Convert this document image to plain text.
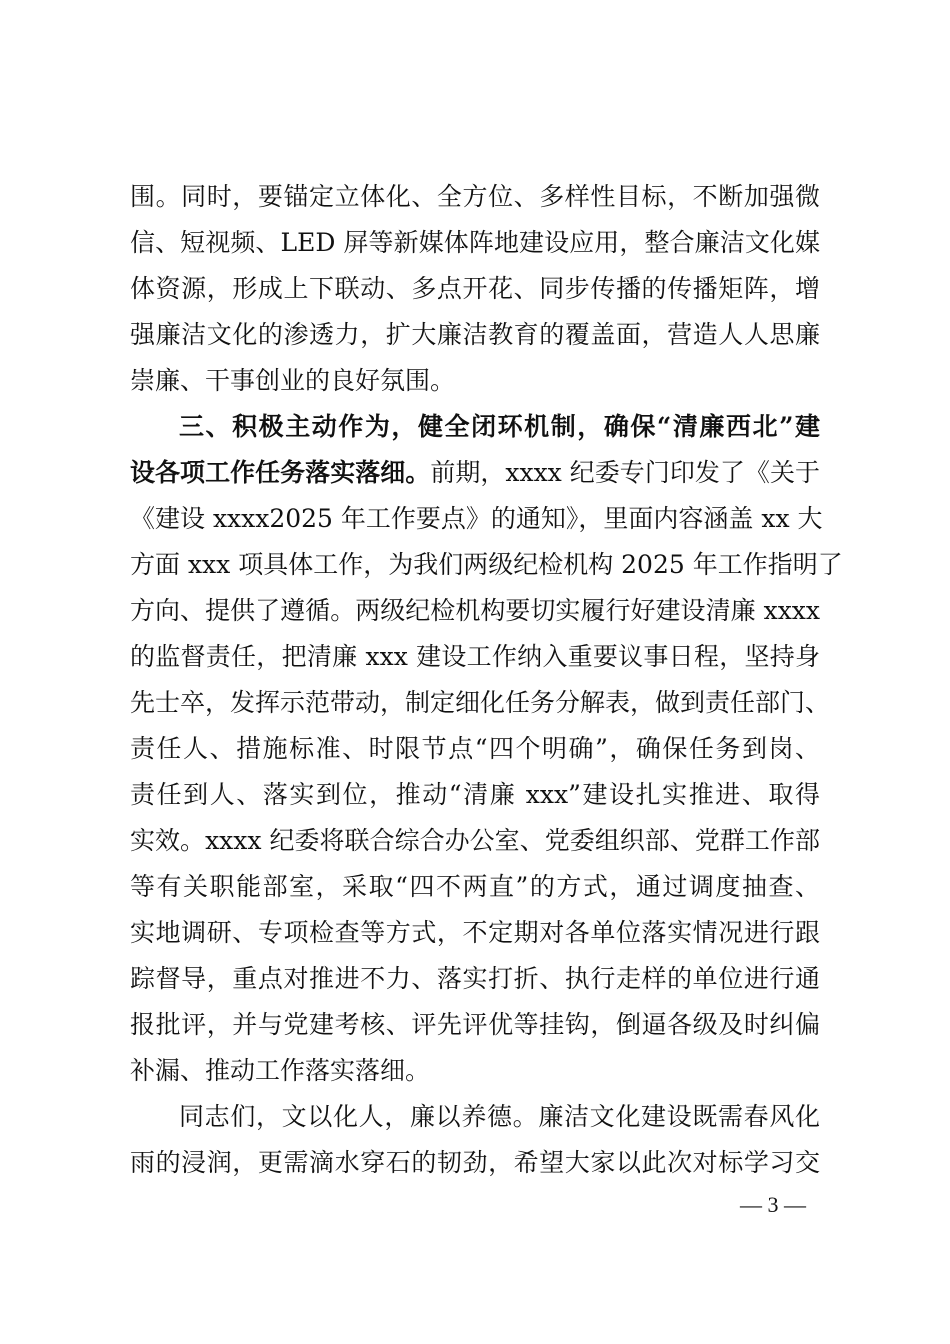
围。同时，要锚定立体化、全方位、多样性目标，不断加强微
信、短视频、LED 屏等新媒体阵地建设应用，整合廉洁文化媒
体资源，形成上下联动、多点开花、同步传播的传播矩阵，增
强廉洁文化的渗透力，扩大廉洁教育的覆盖面，营造人人思廉
崇廉、干事创业的良好氛围。
三、积极主动作为，健全闭环机制，确保“清廉西北”建
设各项工作任务落实落细。前期，xxxx 纪委专门印发了《关于
《建设 xxxx2025 年工作要点》的通知》，里面内容涵盖 xx 大
方面 xxx 项具体工作，为我们两级纪检机构 2025 年工作指明了
方向、提供了遵循。两级纪检机构要切实履行好建设清廉 xxxx
的监督责任，把清廉 xxx 建设工作纳入重要议事日程，坚持身
先士卒，发挥示范带动，制定细化任务分解表，做到责任部门、
责任人、措施标准、时限节点“四个明确”，确保任务到岗、
责任到人、落实到位，推动“清廉 xxx”建设扎实推进、取得
实效。xxxx 纪委将联合综合办公室、党委组织部、党群工作部
等有关职能部室，采取“四不两直”的方式，通过调度抽查、
实地调研、专项检查等方式，不定期对各单位落实情况进行跟
踪督导，重点对推进不力、落实打折、执行走样的单位进行通
报批评，并与党建考核、评先评优等挂钩，倒逼各级及时纠偏
补漏、推动工作落实落细。
同志们，文以化人，廉以养德。廉洁文化建设既需春风化
雨的浸润，更需滴水穿石的韧劲，希望大家以此次对标学习交
— 3 —
